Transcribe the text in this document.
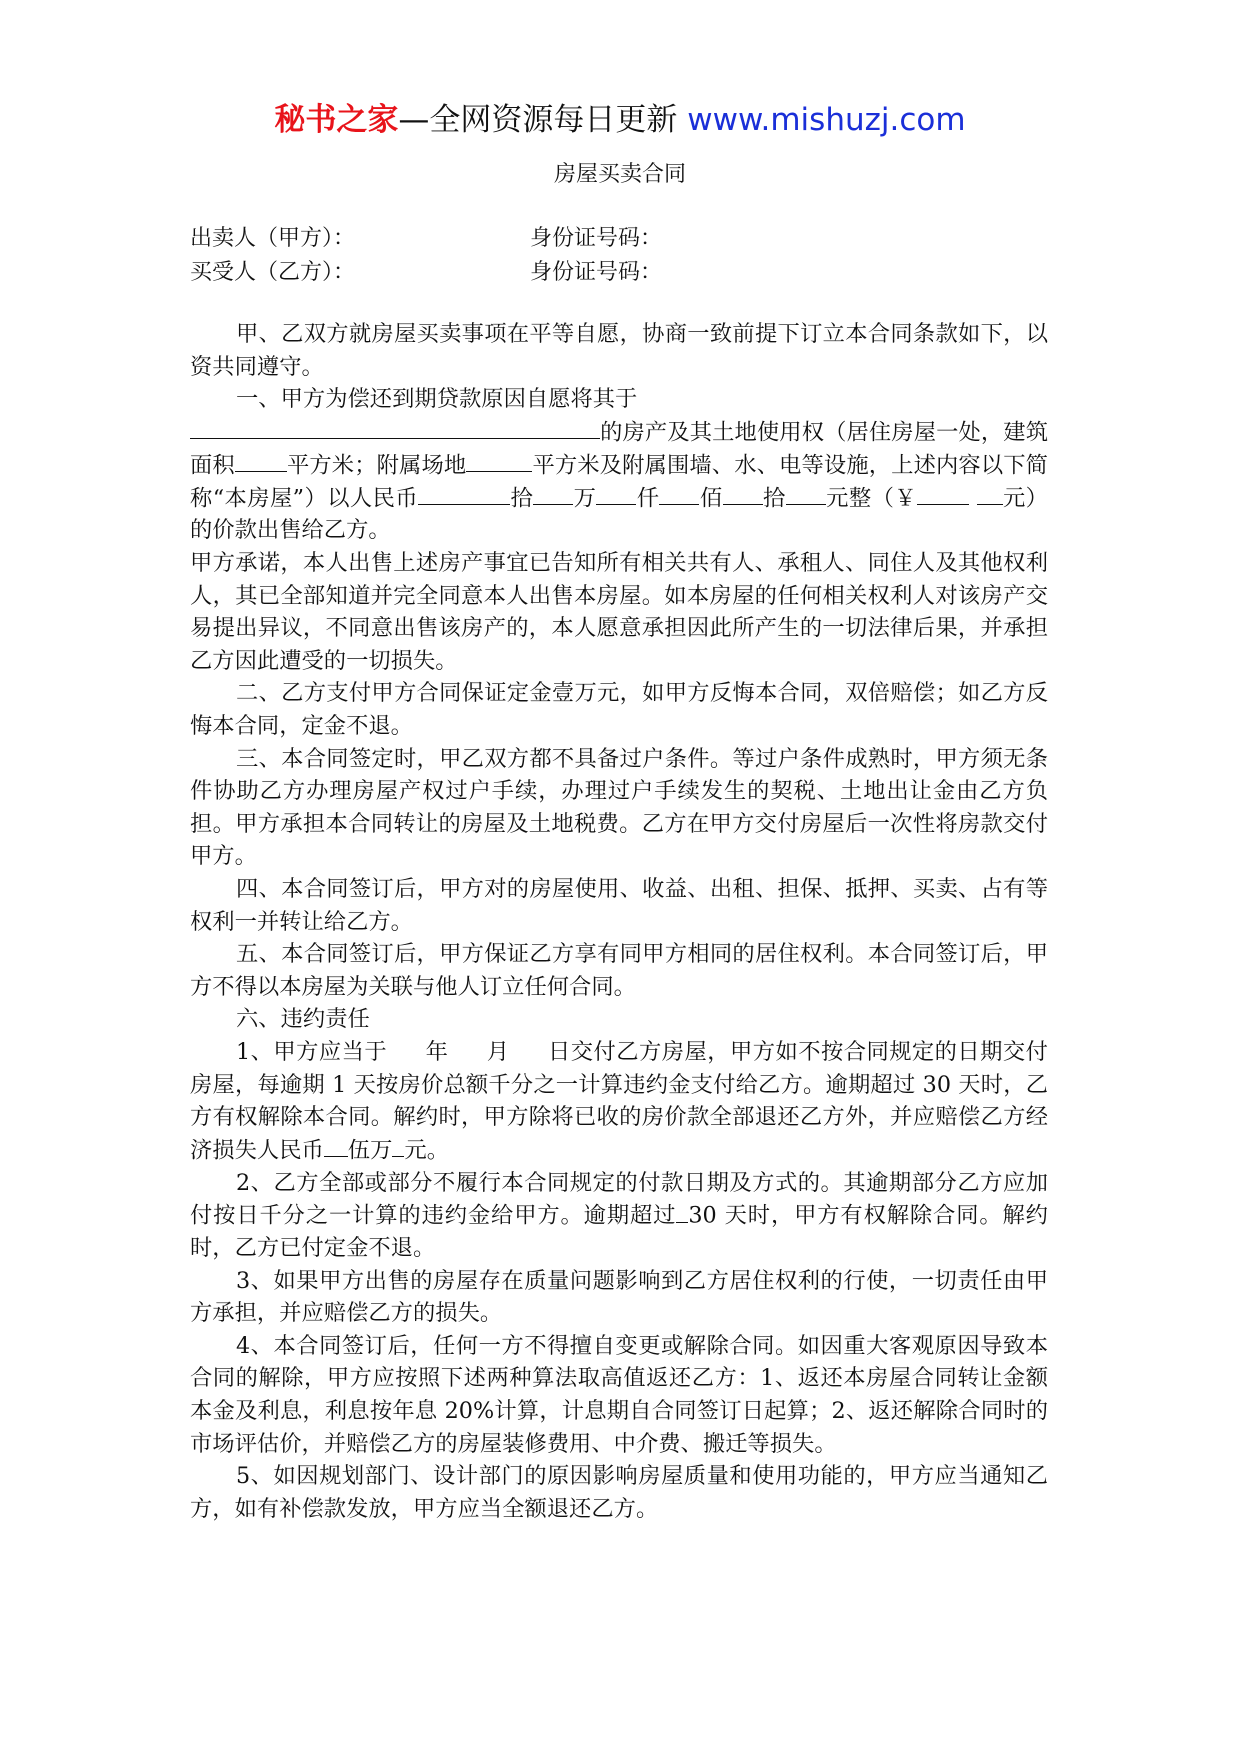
秘书之家—全网资源每日更新 www.mishuzj.com
房屋买卖合同
出卖人（甲方）：	身份证号码：
买受人（乙方）：	身份证号码：

甲、乙双方就房屋买卖事项在平等自愿，协商一致前提下订立本合同条款如下，以资共同遵守。

一、甲方为偿还到期贷款原因自愿将其于

的房产及其土地使用权（居住房屋一处，建筑面积 平方米；附属场地	平方米及附属围墙、水、电等设施，上述内容以下简称“本房屋”）以人民币	拾 万 仟 佰 拾 元整（￥	元）的价款出售给乙方。

甲方承诺，本人出售上述房产事宜已告知所有相关共有人、承租人、同住人及其他权利人，其已全部知道并完全同意本人出售本房屋。如本房屋的任何相关权利人对该房产交易提出异议，不同意出售该房产的，本人愿意承担因此所产生的一切法律后果，并承担乙方因此遭受的一切损失。

二、乙方支付甲方合同保证定金壹万元，如甲方反悔本合同，双倍赔偿；如乙方反悔本合同，定金不退。

三、本合同签定时，甲乙双方都不具备过户条件。等过户条件成熟时，甲方须无条件协助乙方办理房屋产权过户手续，办理过户手续发生的契税、土地出让金由乙方负担。甲方承担本合同转让的房屋及土地税费。乙方在甲方交付房屋后一次性将房款交付甲方。

四、本合同签订后，甲方对的房屋使用、收益、出租、担保、抵押、买卖、占有等权利一并转让给乙方。

五、本合同签订后，甲方保证乙方享有同甲方相同的居住权利。本合同签订后，甲方不得以本房屋为关联与他人订立任何合同。

六、违约责任

1、甲方应当于 年 月 日交付乙方房屋，甲方如不按合同规定的日期交付房屋，每逾期 1 天按房价总额千分之一计算违约金支付给乙方。逾期超过 30 天时，乙方有权解除本合同。解约时，甲方除将已收的房价款全部退还乙方外，并应赔偿乙方经济损失人民币 伍万 元。

2、乙方全部或部分不履行本合同规定的付款日期及方式的。其逾期部分乙方应加付按日千分之一计算的违约金给甲方。逾期超过 30 天时，甲方有权解除合同。解约时，乙方已付定金不退。

3、如果甲方出售的房屋存在质量问题影响到乙方居住权利的行使，一切责任由甲方承担，并应赔偿乙方的损失。

4、本合同签订后，任何一方不得擅自变更或解除合同。如因重大客观原因导致本合同的解除，甲方应按照下述两种算法取高值返还乙方：1、返还本房屋合同转让金额本金及利息，利息按年息 20%计算，计息期自合同签订日起算；2、返还解除合同时的市场评估价，并赔偿乙方的房屋装修费用、中介费、搬迁等损失。

5、如因规划部门、设计部门的原因影响房屋质量和使用功能的，甲方应当通知乙方，如有补偿款发放，甲方应当全额退还乙方。
